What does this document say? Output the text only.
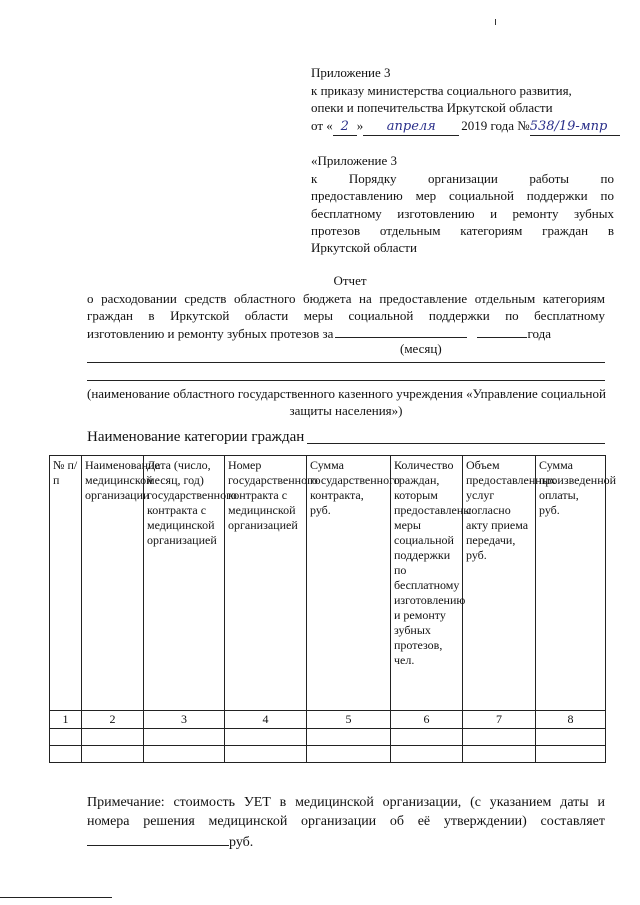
Приложение 3
к приказу министерства социального развития,
опеки и попечительства Иркутской области
от « 2 » апреля 2019 года №538/19-мпр
«Приложение 3
к Порядку организации работы по
предоставлению мер социальной поддержки по
бесплатному изготовлению и ремонту зубных
протезов отдельным категориям граждан в
Иркутской области
Отчет
о расходовании средств областного бюджета на предоставление отдельным категориям
граждан в Иркутской области меры социальной поддержки по бесплатному
изготовлению и ремонту зубных протезов за	года
(месяц)
(наименование областного государственного казенного учреждения «Управление социальной
защиты населения»)
Наименование категории граждан
№ п/п	Наименование медицинской организации	Дата (число, месяц, год) государственного контракта с медицинской организацией	Номер государственного контракта с медицинской организацией	Сумма государственного контракта, руб.	Количество граждан, которым предоставлены меры социальной поддержки по бесплатному изготовлению и ремонту зубных протезов, чел.	Объем предоставленных услуг согласно акту приема передачи, руб.	Сумма произведенной оплаты, руб.
1	2	3	4	5	6	7	8

Примечание: стоимость УЕТ в медицинской организации, (с указанием даты и
номера решения медицинской организации об её утверждении) составляет
руб.
